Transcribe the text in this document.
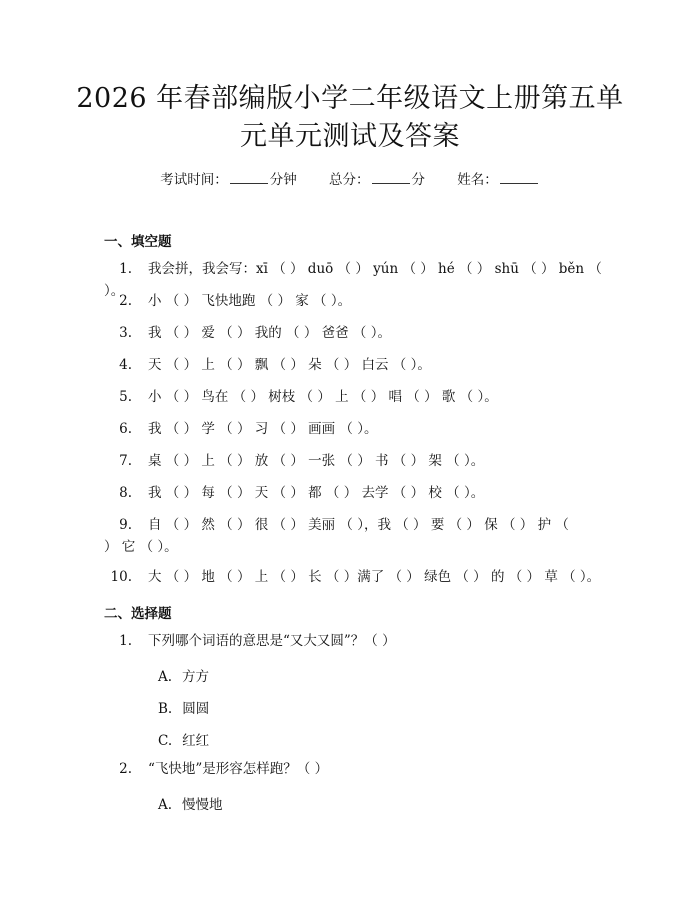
2026 年春部编版小学二年级语文上册第五单
元单元测试及答案
考试时间：	分钟 总分：	分 姓名：
一、填空题
1. 我会拼，我会写：xī （ ） duō （ ） yún （ ） hé （ ） shū （ ） běn （ ）。
2. 小 （ ） 飞快地跑 （ ） 家 （ ）。
3. 我 （ ） 爱 （ ） 我的 （ ） 爸爸 （ ）。
4. 天 （ ） 上 （ ） 飘 （ ） 朵 （ ） 白云 （ ）。
5. 小 （ ） 鸟在 （ ） 树枝 （ ） 上 （ ） 唱 （ ） 歌 （ ）。
6. 我 （ ） 学 （ ） 习 （ ） 画画 （ ）。
7. 桌 （ ） 上 （ ） 放 （ ） 一张 （ ） 书 （ ） 架 （ ）。
8. 我 （ ） 每 （ ） 天 （ ） 都 （ ） 去学 （ ） 校 （ ）。
9. 自 （ ） 然 （ ） 很 （ ） 美丽 （ ），我 （ ） 要 （ ） 保 （ ） 护 （ ） 它 （ ）。
10. 大 （ ） 地 （ ） 上 （ ） 长 （ ）满了 （ ） 绿色 （ ） 的 （ ） 草 （ ）。
二、选择题
1. 下列哪个词语的意思是“又大又圆”？（ ）
A. 方方
B. 圆圆
C. 红红
2. “飞快地”是形容怎样跑？（ ）
A. 慢慢地
